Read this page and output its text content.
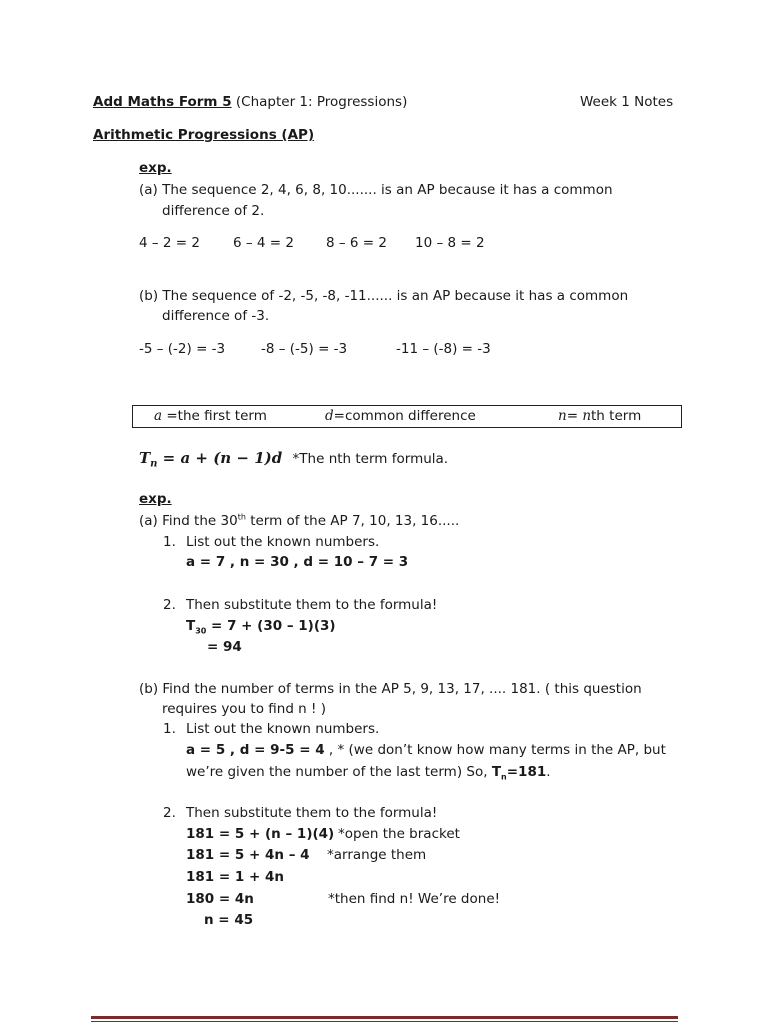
Add Maths Form 5 (Chapter 1: Progressions)	Week 1 Notes
Arithmetic Progressions (AP)
exp.
(a) The sequence 2, 4, 6, 8, 10....... is an AP because it has a common
difference of 2.
4 – 2 = 2 6 – 4 = 2 8 – 6 = 2 10 – 8 = 2
(b) The sequence of -2, -5, -8, -11...... is an AP because it has a common
difference of -3.
-5 – (-2) = -3	-8 – (-5) = -3	-11 – (-8) = -3
a =the first term	d=common difference	n= nth term
$T_n = a + (n - 1)d$ *The nth term formula.
exp.
(a) Find the 30th term of the AP 7, 10, 13, 16.....
1. List out the known numbers.
a = 7 , n = 30 , d = 10 – 7 = 3
2. Then substitute them to the formula!
$T_{30} = 7 + (30 - 1)(3)$
= 94
(b) Find the number of terms in the AP 5, 9, 13, 17, .... 181. ( this question
requires you to find n ! )
1. List out the known numbers.
a = 5 , d = 9-5 = 4 , * (we don’t know how many terms in the AP, but
we’re given the number of the last term) So, $T_n=181$.
2. Then substitute them to the formula!
181 = 5 + (n – 1)(4) *open the bracket
181 = 5 + 4n – 4 *arrange them
181 = 1 + 4n
180 = 4n	*then find n! We’re done!
n = 45
